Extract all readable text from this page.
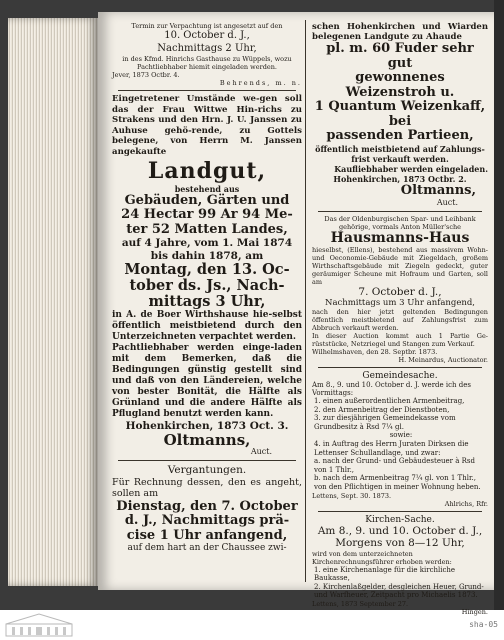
Termin zur Verpachtung ist angesetzt auf den
10. October d. J.,
Nachmittags 2 Uhr,
in des Kfmd. Hinrichs Gasthause zu Wüppels, wozu
Pachtliebhaber hiemit eingeladen werden.
Jever, 1873 Octbr. 4.
Behrends, m. n.
Eingetretener Umstände we-gen soll das der Frau Wittwe Hin-richs zu Strakens und den Hrn. J. U. Janssen zu Auhuse gehö-rende, zu Gottels belegene, von Herrn M. Janssen angekaufte
Landgut,
bestehend aus
Gebäuden, Gärten und
24 Hectar 99 Ar 94 Me-
ter 52 Matten Landes,
auf 4 Jahre, vom 1. Mai 1874
bis dahin 1878, am
Montag, den 13. Oc-
tober ds. Js., Nach-
mittags 3 Uhr,
in A. de Boer Wirthshause hie-selbst öffentlich meistbietend durch den Unterzeichneten verpachtet werden.
Pachtliebhaber werden einge-laden mit dem Bemerken, daß die Bedingungen günstig gestellt sind und daß von den Ländereien, welche von bester Bonität, die Hälfte als Grünland und die andere Hälfte als Pflugland benutzt werden kann.
Hohenkirchen, 1873 Oct. 3.
Oltmanns,
Auct.
Vergantungen.
Für Rechnung dessen, den es angeht, sollen am
Dienstag, den 7. October
d. J., Nachmittags prä-
cise 1 Uhr anfangend,
auf dem hart an der Chaussee zwi-
schen Hohenkirchen und Wiarden belegenen Landgute zu Ahaude
pl. m. 60 Fuder sehr gut
gewonnenes Weizenstroh u.
1 Quantum Weizenkaff, bei
passenden Partieen,
öffentlich meistbietend auf Zahlungs-frist verkauft werden.
Kaufliebhaber werden eingeladen.
Hohenkirchen, 1873 Octbr. 2.
Oltmanns,
Auct.
Das der Oldenburgischen Spar- und Leihbank gehörige, vormals Anton Müller'sche
Hausmanns-Haus
hieselbst, (Ellens), bestehend aus massivem Wohn- und Oeconomie-Gebäude mit Ziegeldach, großem Wirthschaftsgebäude mit Ziegeln gedeckt, guter geräumiger Scheune mit Hofraum und Garten, soll am
7. October d. J.,
Nachmittags um 3 Uhr anfangend,
nach den hier jetzt geltenden Bedingungen öffentlich meistbietend auf Zahlungsfrist zum Abbruch verkauft werden.
In dieser Auction kommt auch 1 Partie Ge-rüststücke, Netzriegel und Stangen zum Verkauf.
Wilhelmshaven, den 28. Septbr. 1873.
H. Meinardus, Auctionator.
Gemeindesache.
Am 8., 9. und 10. October d. J. werde ich des Vormittags:
1. einen außerordentlichen Armenbeitrag,
2. den Armenbeitrag der Dienstboten,
3. zur diesjährigen Gemeindekasse vom Grundbesitz à Rsd 7¼ gl.
sowie:
4. in Auftrag des Herrn Juraten Dirksen die Lettenser Schullandlage, und zwar:
a. nach der Grund- und Gebäudesteuer à Rsd von 1 Thlr.,
b. nach dem Armenbeitrag 7¼ gl. von 1 Thlr., von den Pflichtigen in meiner Wohnung heben.
Lettens, Sept. 30. 1873.
Ahlrichs, Rfr.
Kirchen-Sache.
Am 8., 9. und 10. October d. J.,
Morgens von 8—12 Uhr,
wird von dem unterzeichneten Kirchenrechnungsführer erhoben werden:
1. eine Kirchenanlage für die kirchliche Baukasse,
2. Kirchenlaßgelder, desgleichen Heuer, Grund- und Warfheuer, Zeitpacht pro Michaelis 1873.
Lettens, 1873 September 27.
Hingen.
sha-05
